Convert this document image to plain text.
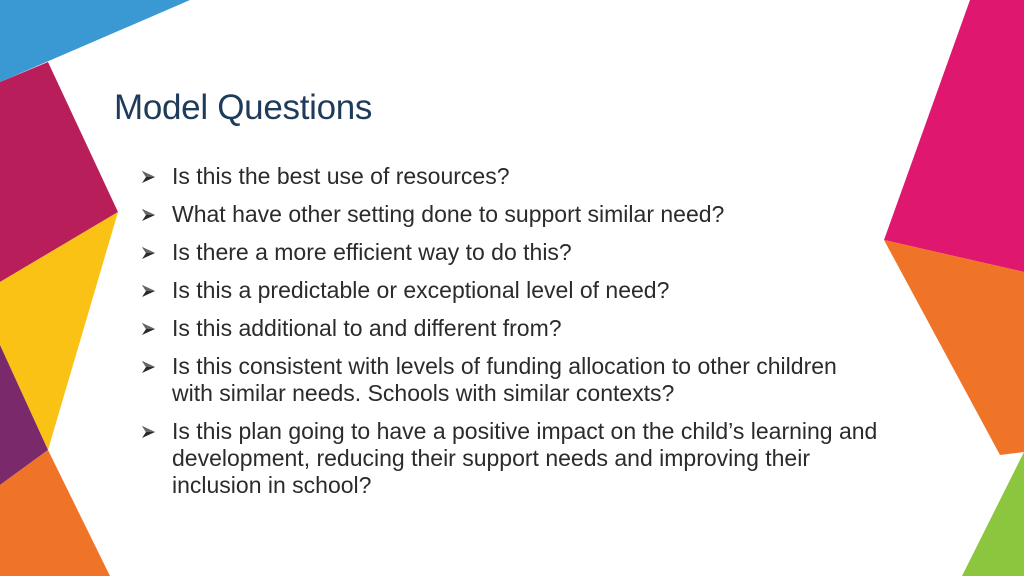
Model Questions
Is this the best use of resources?
What have other setting done to support similar need?
Is there a more efficient way to do this?
Is this a predictable or exceptional level of need?
Is this additional to and different from?
Is this consistent with levels of funding allocation to other children with similar needs. Schools with similar contexts?
Is this plan going to have a positive impact on the child’s learning and development, reducing their support needs and improving their inclusion in school?
